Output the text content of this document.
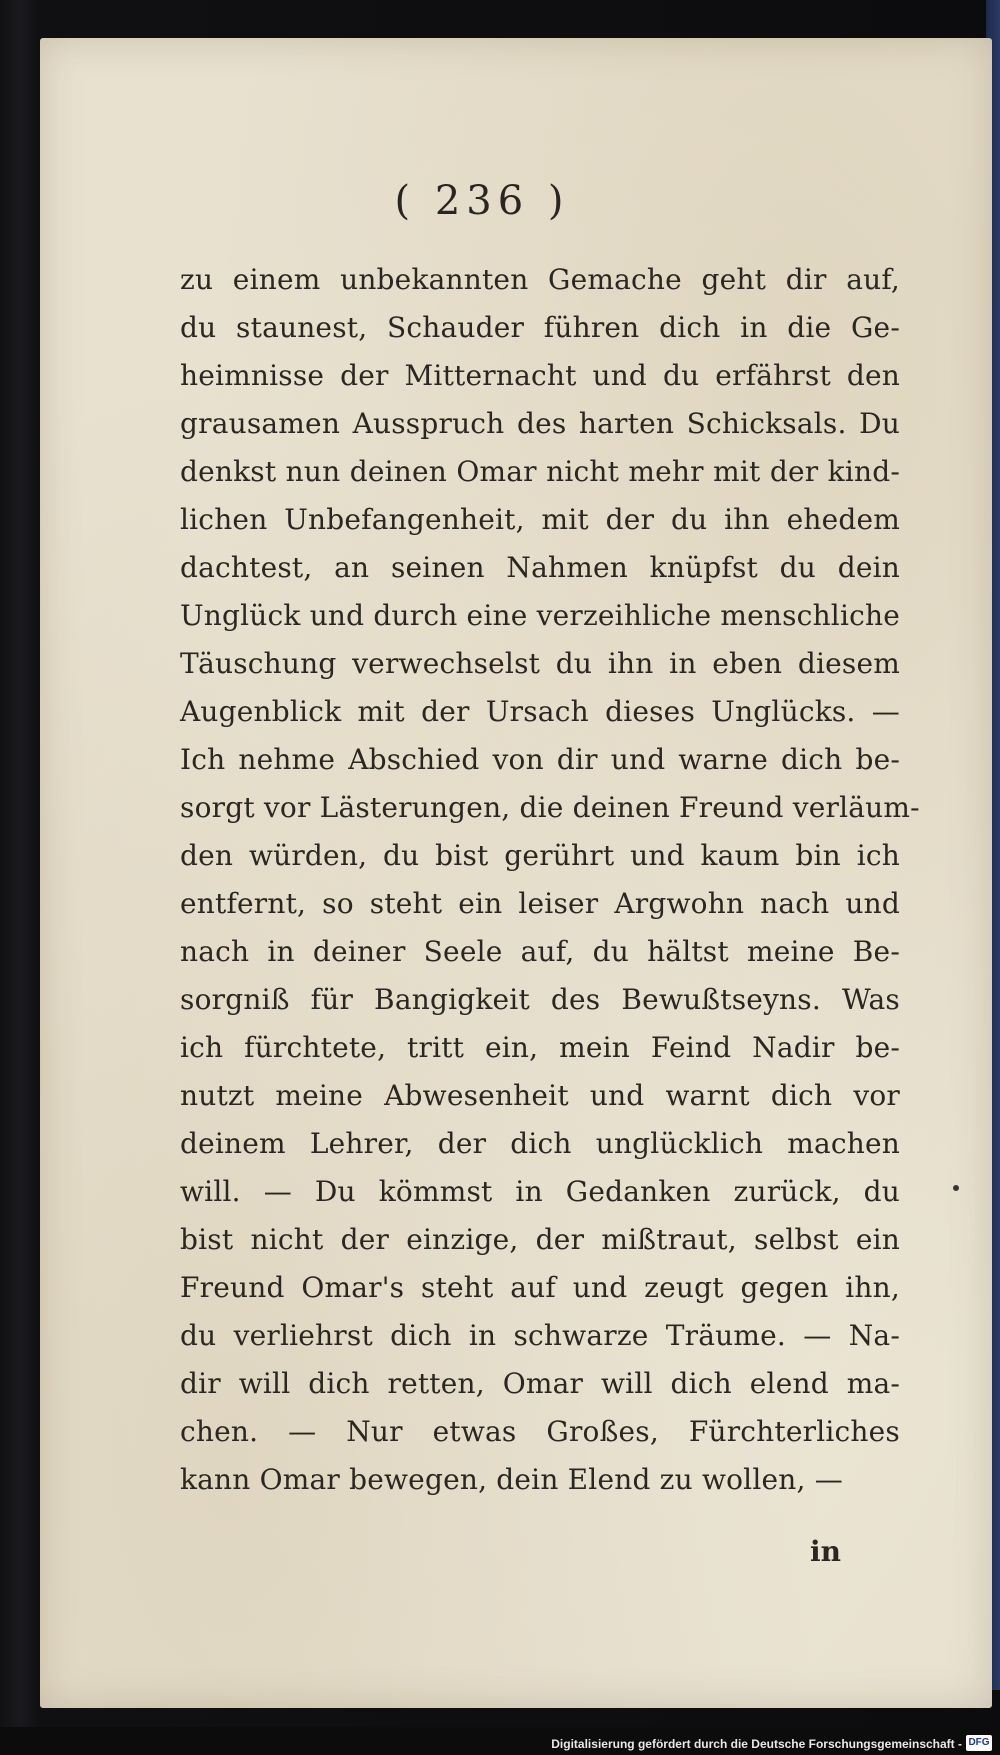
( 236 )
zu einem unbekannten Gemache geht dir auf,
du staunest, Schauder führen dich in die Ge-
heimnisse der Mitternacht und du erfährst den
grausamen Ausspruch des harten Schicksals. Du
denkst nun deinen Omar nicht mehr mit der kind-
lichen Unbefangenheit, mit der du ihn ehedem
dachtest, an seinen Nahmen knüpfst du dein
Unglück und durch eine verzeihliche menschliche
Täuschung verwechselst du ihn in eben diesem
Augenblick mit der Ursach dieses Unglücks. —
Ich nehme Abschied von dir und warne dich be-
sorgt vor Lästerungen, die deinen Freund verläum-
den würden, du bist gerührt und kaum bin ich
entfernt, so steht ein leiser Argwohn nach und
nach in deiner Seele auf, du hältst meine Be-
sorgniß für Bangigkeit des Bewußtseyns. Was
ich fürchtete, tritt ein, mein Feind Nadir be-
nutzt meine Abwesenheit und warnt dich vor
deinem Lehrer, der dich unglücklich machen
will. — Du kömmst in Gedanken zurück, du
bist nicht der einzige, der mißtraut, selbst ein
Freund Omar's steht auf und zeugt gegen ihn,
du verliehrst dich in schwarze Träume. — Na-
dir will dich retten, Omar will dich elend ma-
chen. — Nur etwas Großes, Fürchterliches
kann Omar bewegen, dein Elend zu wollen, —
in
Digitalisierung gefördert durch die Deutsche Forschungsgemeinschaft - DFG
